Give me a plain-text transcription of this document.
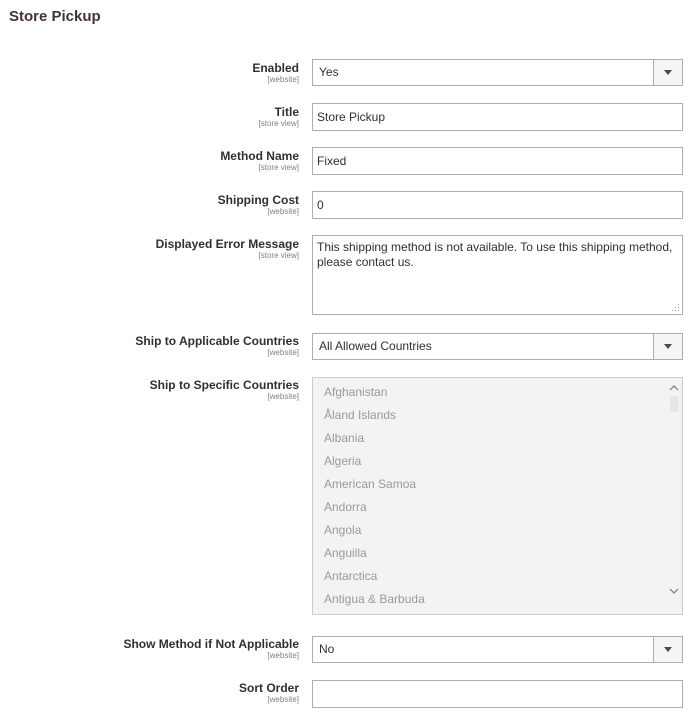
Store Pickup
Enabled
[website]
Yes
Title
[store view]	Store Pickup
Method Name
[store view]	Fixed
Shipping Cost
[website]	0
Displayed Error Message
[store view]
This shipping method is not available. To use this shipping method, please contact us.
Ship to Applicable Countries
[website]	All Allowed Countries
Ship to Specific Countries
[website]	Afghanistan
Åland Islands
Albania
Algeria
American Samoa
Andorra
Angola
Anguilla
Antarctica
Antigua & Barbuda
Show Method if Not Applicable
[website]	No
Sort Order
[website]
